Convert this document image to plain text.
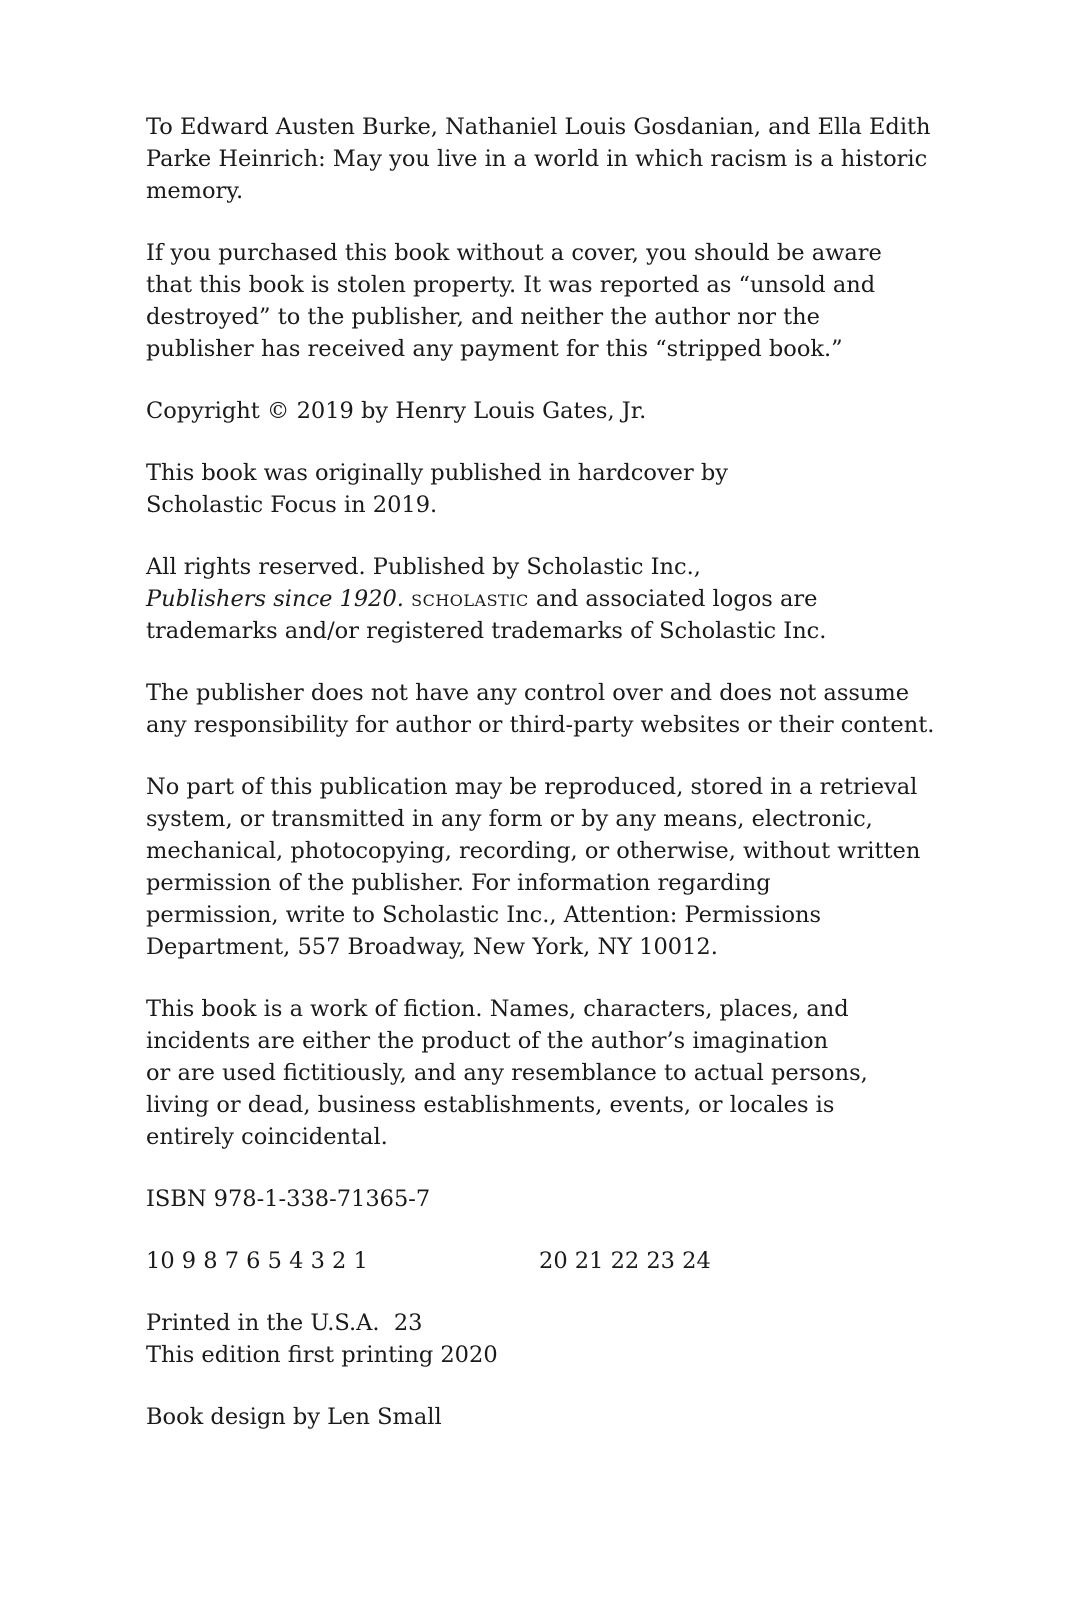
To Edward Austen Burke, Nathaniel Louis Gosdanian, and Ella Edith
Parke Heinrich: May you live in a world in which racism is a historic
memory.

If you purchased this book without a cover, you should be aware
that this book is stolen property. It was reported as “unsold and
destroyed” to the publisher, and neither the author nor the
publisher has received any payment for this “stripped book.”

Copyright © 2019 by Henry Louis Gates, Jr.

This book was originally published in hardcover by
Scholastic Focus in 2019.

All rights reserved. Published by Scholastic Inc.,
Publishers since 1920. scholastic and associated logos are
trademarks and/or registered trademarks of Scholastic Inc.

The publisher does not have any control over and does not assume
any responsibility for author or third-party websites or their content.

No part of this publication may be reproduced, stored in a retrieval
system, or transmitted in any form or by any means, electronic,
mechanical, photocopying, recording, or otherwise, without written
permission of the publisher. For information regarding
permission, write to Scholastic Inc., Attention: Permissions
Department, 557 Broadway, New York, NY 10012.

This book is a work of fiction. Names, characters, places, and
incidents are either the product of the author’s imagination
or are used fictitiously, and any resemblance to actual persons,
living or dead, business establishments, events, or locales is
entirely coincidental.

ISBN 978-1-338-71365-7

10 9 8 7 6 5 4 3 2 1	20 21 22 23 24

Printed in the U.S.A.  23
This edition first printing 2020

Book design by Len Small
